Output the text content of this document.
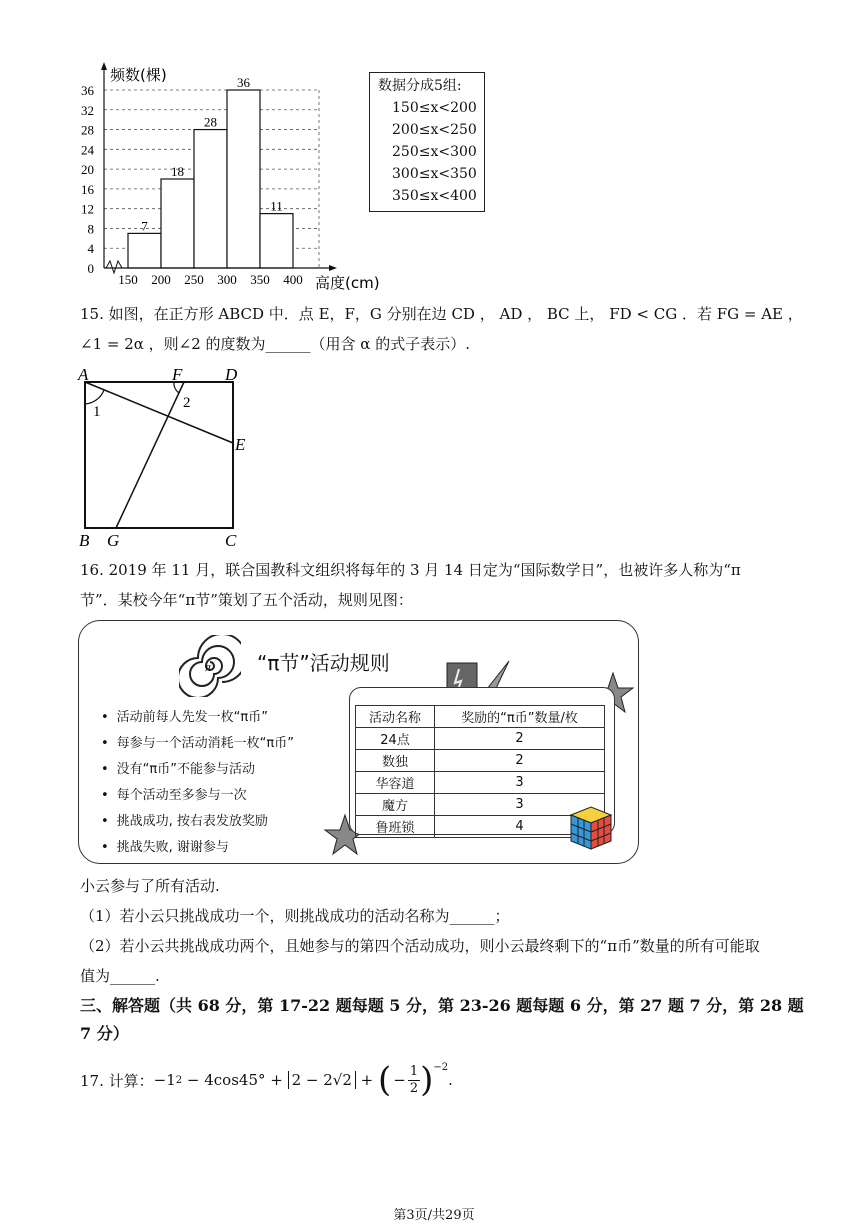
0
4
8
12
16
20
24
28
32
36
7
18
28
36
11
150 200 250 300 350 400
频数(棵)
高度(cm)
数据分成5组:
150≤x<200
200≤x<250
250≤x<300
300≤x<350
350≤x<400
15. 如图，在正方形 ABCD 中．点 E，F，G 分别在边 CD ， AD ， BC 上， FD < CG ．若 FG = AE ，
∠1 = 2α ，则∠2 的度数为______（用含 α 的式子表示）.
A	F	D
E
B G	C
1
2
16. 2019 年 11 月，联合国教科文组织将每年的 3 月 14 日定为“国际数学日”，也被许多人称为“π
节”．某校今年“π节”策划了五个活动，规则见图：
π “π节”活动规则
• 活动前每人先发一枚“π币”
• 每参与一个活动消耗一枚“π币”
• 没有“π币”不能参与活动
• 每个活动至多参与一次
• 挑战成功, 按右表发放奖励
• 挑战失败, 谢谢参与
活动名称	奖励的“π币”数量/枚
24点	2
数独	2
华容道	3
魔方	3
鲁班锁	4
小云参与了所有活动.
（1）若小云只挑战成功一个，则挑战成功的活动名称为______；
（2）若小云共挑战成功两个，且她参与的第四个活动成功，则小云最终剩下的“π币”数量的所有可能取
值为______.
三、解答题（共 68 分，第 17-22 题每题 5 分，第 23-26 题每题 6 分，第 27 题 7 分，第 28 题
7 分）
17. 计算： −1 2 − 4cos45° + 2 − 2√2 + ( − $\frac{1}{2} )^{-2}$
.
第3页/共29页
